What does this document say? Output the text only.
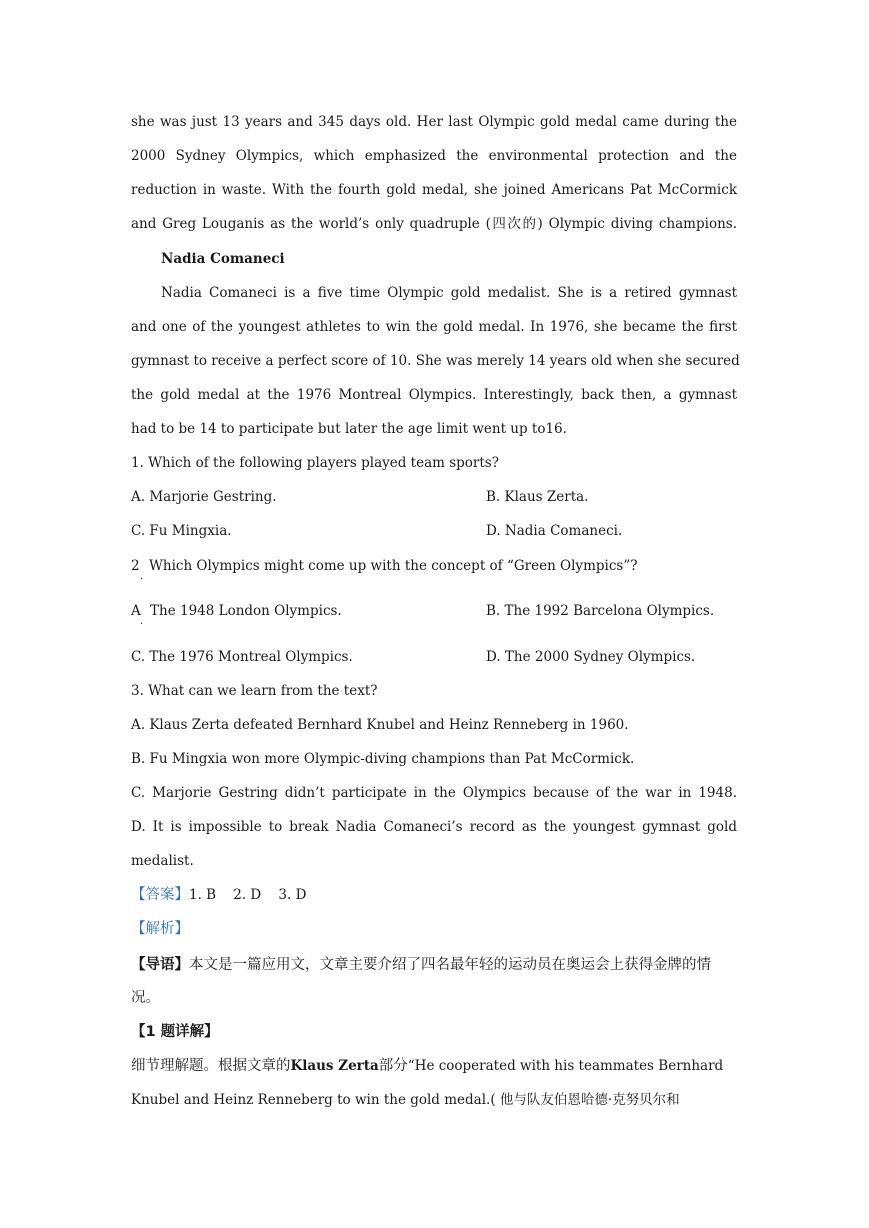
she was just 13 years and 345 days old. Her last Olympic gold medal came during the
2000 Sydney Olympics, which emphasized the environmental protection and the
reduction in waste. With the fourth gold medal, she joined Americans Pat McCormick
and Greg Louganis as the world’s only quadruple (四次的) Olympic diving champions.
Nadia Comaneci
Nadia Comaneci is a five time Olympic gold medalist. She is a retired gymnast
and one of the youngest athletes to win the gold medal. In 1976, she became the first
gymnast to receive a perfect score of 10. She was merely 14 years old when she secured
the gold medal at the 1976 Montreal Olympics. Interestingly, back then, a gymnast
had to be 14 to participate but later the age limit went up to16.
1. Which of the following players played team sports?
A. Marjorie Gestring.	B. Klaus Zerta.
C. Fu Mingxia.	D. Nadia Comaneci.
2
·
Which Olympics might come up with the concept of “Green Olympics”?
A
·
The 1948 London Olympics.	B. The 1992 Barcelona Olympics.
C. The 1976 Montreal Olympics.	D. The 2000 Sydney Olympics.
3. What can we learn from the text?
A. Klaus Zerta defeated Bernhard Knubel and Heinz Renneberg in 1960.
B. Fu Mingxia won more Olympic-diving champions than Pat McCormick.
C. Marjorie Gestring didn’t participate in the Olympics because of the war in 1948.
D. It is impossible to break Nadia Comaneci’s record as the youngest gymnast gold
medalist.
【答案】1. B    2. D    3. D
【解析】
【导语】本文是一篇应用文，文章主要介绍了四名最年轻的运动员在奥运会上获得金牌的情
况。
【1 题详解】
细节理解题。根据文章的Klaus Zerta部分“He cooperated with his teammates Bernhard
Knubel and Heinz Renneberg to win the gold medal.( 他与队友伯恩哈德·克努贝尔和
